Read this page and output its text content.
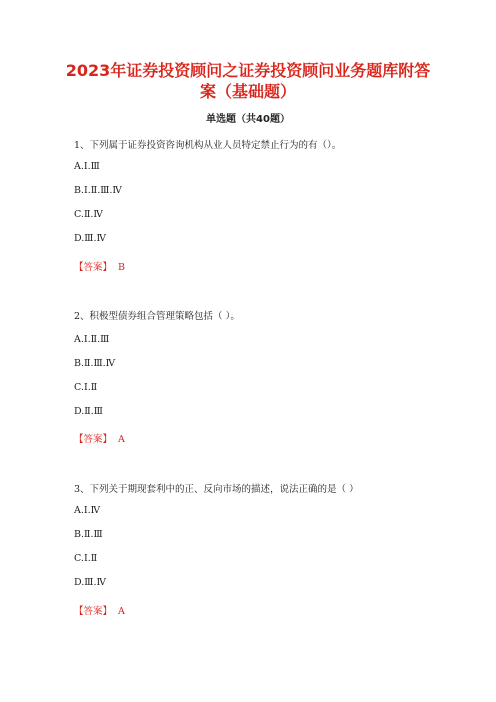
2023年证券投资顾问之证券投资顾问业务题库附答
案（基础题）
单选题（共40题）
1、下列属于证券投资咨询机构从业人员特定禁止行为的有（）。
A.Ⅰ.Ⅲ
B.Ⅰ.Ⅱ.Ⅲ.Ⅳ
C.Ⅱ.Ⅳ
D.Ⅲ.Ⅳ
【答案】 B
2、积极型债券组合管理策略包括（ ）。
A.Ⅰ.Ⅱ.Ⅲ
B.Ⅱ.Ⅲ.Ⅳ
C.Ⅰ.Ⅱ
D.Ⅱ.Ⅲ
【答案】 A
3、下列关于期现套利中的正、反向市场的描述，说法正确的是（ ）
A.Ⅰ.Ⅳ
B.Ⅱ.Ⅲ
C.Ⅰ.Ⅱ
D.Ⅲ.Ⅳ
【答案】 A
